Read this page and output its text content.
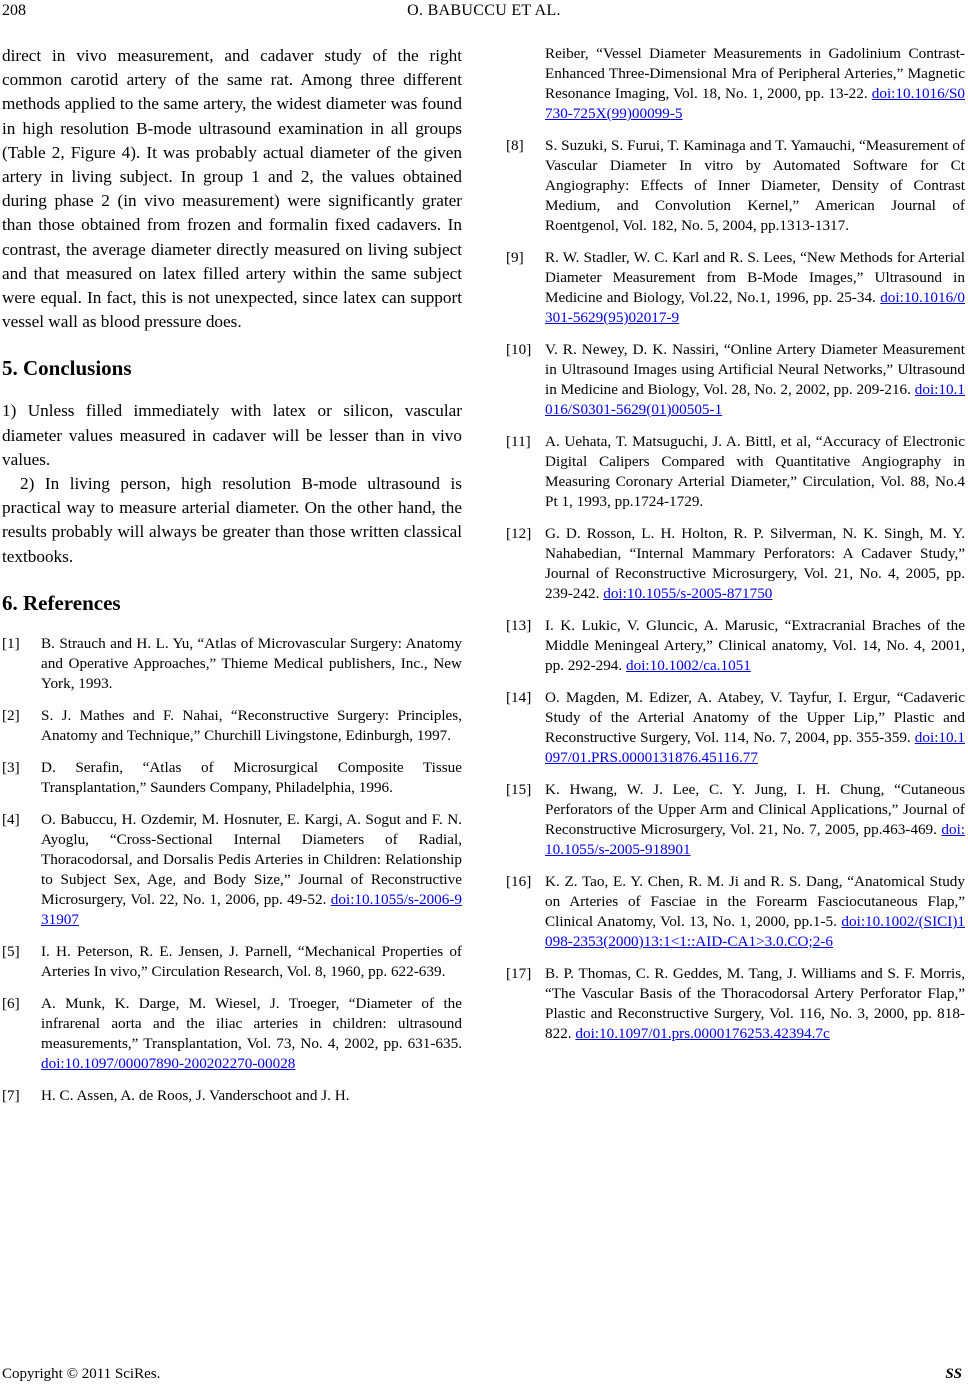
208	O. BABUCCU ET AL.
direct in vivo measurement, and cadaver study of the right common carotid artery of the same rat. Among three different methods applied to the same artery, the widest diameter was found in high resolution B-mode ultrasound examination in all groups (Table 2, Figure 4). It was probably actual diameter of the given artery in living subject. In group 1 and 2, the values obtained during phase 2 (in vivo measurement) were significantly grater than those obtained from frozen and formalin fixed cadavers. In contrast, the average diameter directly measured on living subject and that measured on latex filled artery within the same subject were equal. In fact, this is not unexpected, since latex can support vessel wall as blood pressure does.
5. Conclusions
1) Unless filled immediately with latex or silicon, vascular diameter values measured in cadaver will be lesser than in vivo values.
2) In living person, high resolution B-mode ultrasound is practical way to measure arterial diameter. On the other hand, the results probably will always be greater than those written classical textbooks.
6. References
[1]	B. Strauch and H. L. Yu, “Atlas of Microvascular Surgery: Anatomy and Operative Approaches,” Thieme Medical publishers, Inc., New York, 1993.
[2]	S. J. Mathes and F. Nahai, “Reconstructive Surgery: Principles, Anatomy and Technique,” Churchill Livingstone, Edinburgh, 1997.
[3]	D. Serafin, “Atlas of Microsurgical Composite Tissue Transplantation,” Saunders Company, Philadelphia, 1996.
[4]	O. Babuccu, H. Ozdemir, M. Hosnuter, E. Kargi, A. Sogut and F. N. Ayoglu, “Cross-Sectional Internal Diameters of Radial, Thoracodorsal, and Dorsalis Pedis Arteries in Children: Relationship to Subject Sex, Age, and Body Size,” Journal of Reconstructive Microsurgery, Vol. 22, No. 1, 2006, pp. 49-52. doi:10.1055/s-2006-931907
[5]	I. H. Peterson, R. E. Jensen, J. Parnell, “Mechanical Properties of Arteries In vivo,” Circulation Research, Vol. 8, 1960, pp. 622-639.
[6]	A. Munk, K. Darge, M. Wiesel, J. Troeger, “Diameter of the infrarenal aorta and the iliac arteries in children: ultrasound measurements,” Transplantation, Vol. 73, No. 4, 2002, pp. 631-635. doi:10.1097/00007890-200202270-00028
[7]	H. C. Assen, A. de Roos, J. Vanderschoot and J. H.
Reiber, “Vessel Diameter Measurements in Gadolinium Contrast-Enhanced Three-Dimensional Mra of Peripheral Arteries,” Magnetic Resonance Imaging, Vol. 18, No. 1, 2000, pp. 13-22. doi:10.1016/S0730-725X(99)00099-5
[8]	S. Suzuki, S. Furui, T. Kaminaga and T. Yamauchi, “Measurement of Vascular Diameter In vitro by Automated Software for Ct Angiography: Effects of Inner Diameter, Density of Contrast Medium, and Convolution Kernel,” American Journal of Roentgenol, Vol. 182, No. 5, 2004, pp.1313-1317.
[9]	R. W. Stadler, W. C. Karl and R. S. Lees, “New Methods for Arterial Diameter Measurement from B-Mode Images,” Ultrasound in Medicine and Biology, Vol.22, No.1, 1996, pp. 25-34. doi:10.1016/0301-5629(95)02017-9
[10] V. R. Newey, D. K. Nassiri, “Online Artery Diameter Measurement in Ultrasound Images using Artificial Neural Networks,” Ultrasound in Medicine and Biology, Vol. 28, No. 2, 2002, pp. 209-216. doi:10.1016/S0301-5629(01)00505-1
[11] A. Uehata, T. Matsuguchi, J. A. Bittl, et al, “Accuracy of Electronic Digital Calipers Compared with Quantitative Angiography in Measuring Coronary Arterial Diameter,” Circulation, Vol. 88, No.4 Pt 1, 1993, pp.1724-1729.
[12] G. D. Rosson, L. H. Holton, R. P. Silverman, N. K. Singh, M. Y. Nahabedian, “Internal Mammary Perforators: A Cadaver Study,” Journal of Reconstructive Microsurgery, Vol. 21, No. 4, 2005, pp. 239-242. doi:10.1055/s-2005-871750
[13] I. K. Lukic, V. Gluncic, A. Marusic, “Extracranial Braches of the Middle Meningeal Artery,” Clinical anatomy, Vol. 14, No. 4, 2001, pp. 292-294. doi:10.1002/ca.1051
[14] O. Magden, M. Edizer, A. Atabey, V. Tayfur, I. Ergur, “Cadaveric Study of the Arterial Anatomy of the Upper Lip,” Plastic and Reconstructive Surgery, Vol. 114, No. 7, 2004, pp. 355-359. doi:10.1097/01.PRS.0000131876.45116.77
[15] K. Hwang, W. J. Lee, C. Y. Jung, I. H. Chung, “Cutaneous Perforators of the Upper Arm and Clinical Applications,” Journal of Reconstructive Microsurgery, Vol. 21, No. 7, 2005, pp.463-469. doi:10.1055/s-2005-918901
[16] K. Z. Tao, E. Y. Chen, R. M. Ji and R. S. Dang, “Anatomical Study on Arteries of Fasciae in the Forearm Fasciocutaneous Flap,” Clinical Anatomy, Vol. 13, No. 1, 2000, pp.1-5. doi:10.1002/(SICI)1098-2353(2000)13:1<1::AID-CA1>3.0.CO;2-6
[17] B. P. Thomas, C. R. Geddes, M. Tang, J. Williams and S. F. Morris, “The Vascular Basis of the Thoracodorsal Artery Perforator Flap,” Plastic and Reconstructive Surgery, Vol. 116, No. 3, 2000, pp. 818-822. doi:10.1097/01.prs.0000176253.42394.7c
Copyright © 2011 SciRes.	SS
